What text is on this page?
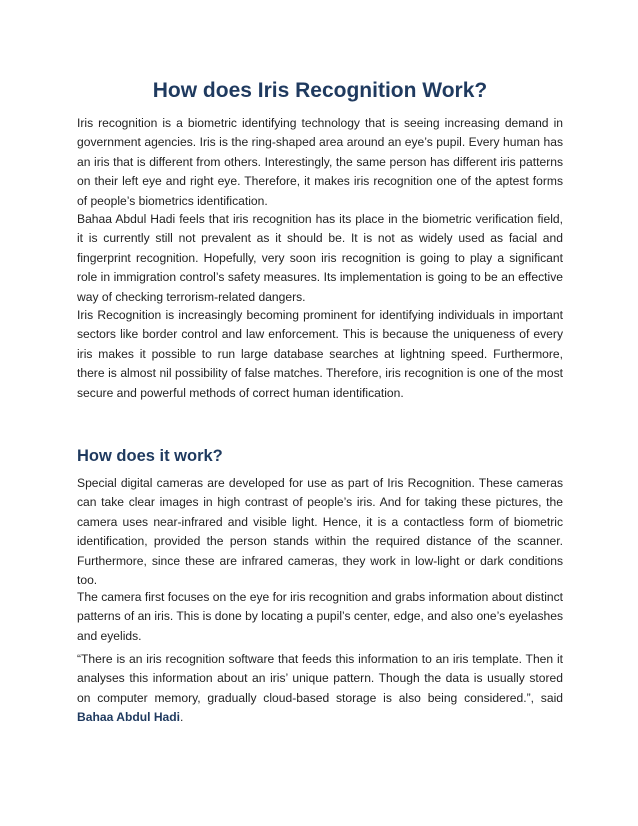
How does Iris Recognition Work?

Iris recognition is a biometric identifying technology that is seeing increasing demand in government agencies. Iris is the ring-shaped area around an eye’s pupil. Every human has an iris that is different from others. Interestingly, the same person has different iris patterns on their left eye and right eye. Therefore, it makes iris recognition one of the aptest forms of people’s biometrics identification.

Bahaa Abdul Hadi feels that iris recognition has its place in the biometric verification field, it is currently still not prevalent as it should be. It is not as widely used as facial and fingerprint recognition. Hopefully, very soon iris recognition is going to play a significant role in immigration control’s safety measures. Its implementation is going to be an effective way of checking terrorism-related dangers.

Iris Recognition is increasingly becoming prominent for identifying individuals in important sectors like border control and law enforcement. This is because the uniqueness of every iris makes it possible to run large database searches at lightning speed. Furthermore, there is almost nil possibility of false matches. Therefore, iris recognition is one of the most secure and powerful methods of correct human identification.

How does it work?

Special digital cameras are developed for use as part of Iris Recognition. These cameras can take clear images in high contrast of people’s iris. And for taking these pictures, the camera uses near-infrared and visible light. Hence, it is a contactless form of biometric identification, provided the person stands within the required distance of the scanner. Furthermore, since these are infrared cameras, they work in low-light or dark conditions too.

The camera first focuses on the eye for iris recognition and grabs information about distinct patterns of an iris. This is done by locating a pupil’s center, edge, and also one’s eyelashes and eyelids.

“There is an iris recognition software that feeds this information to an iris template. Then it analyses this information about an iris’ unique pattern. Though the data is usually stored on computer memory, gradually cloud-based storage is also being considered.”, said Bahaa Abdul Hadi.
